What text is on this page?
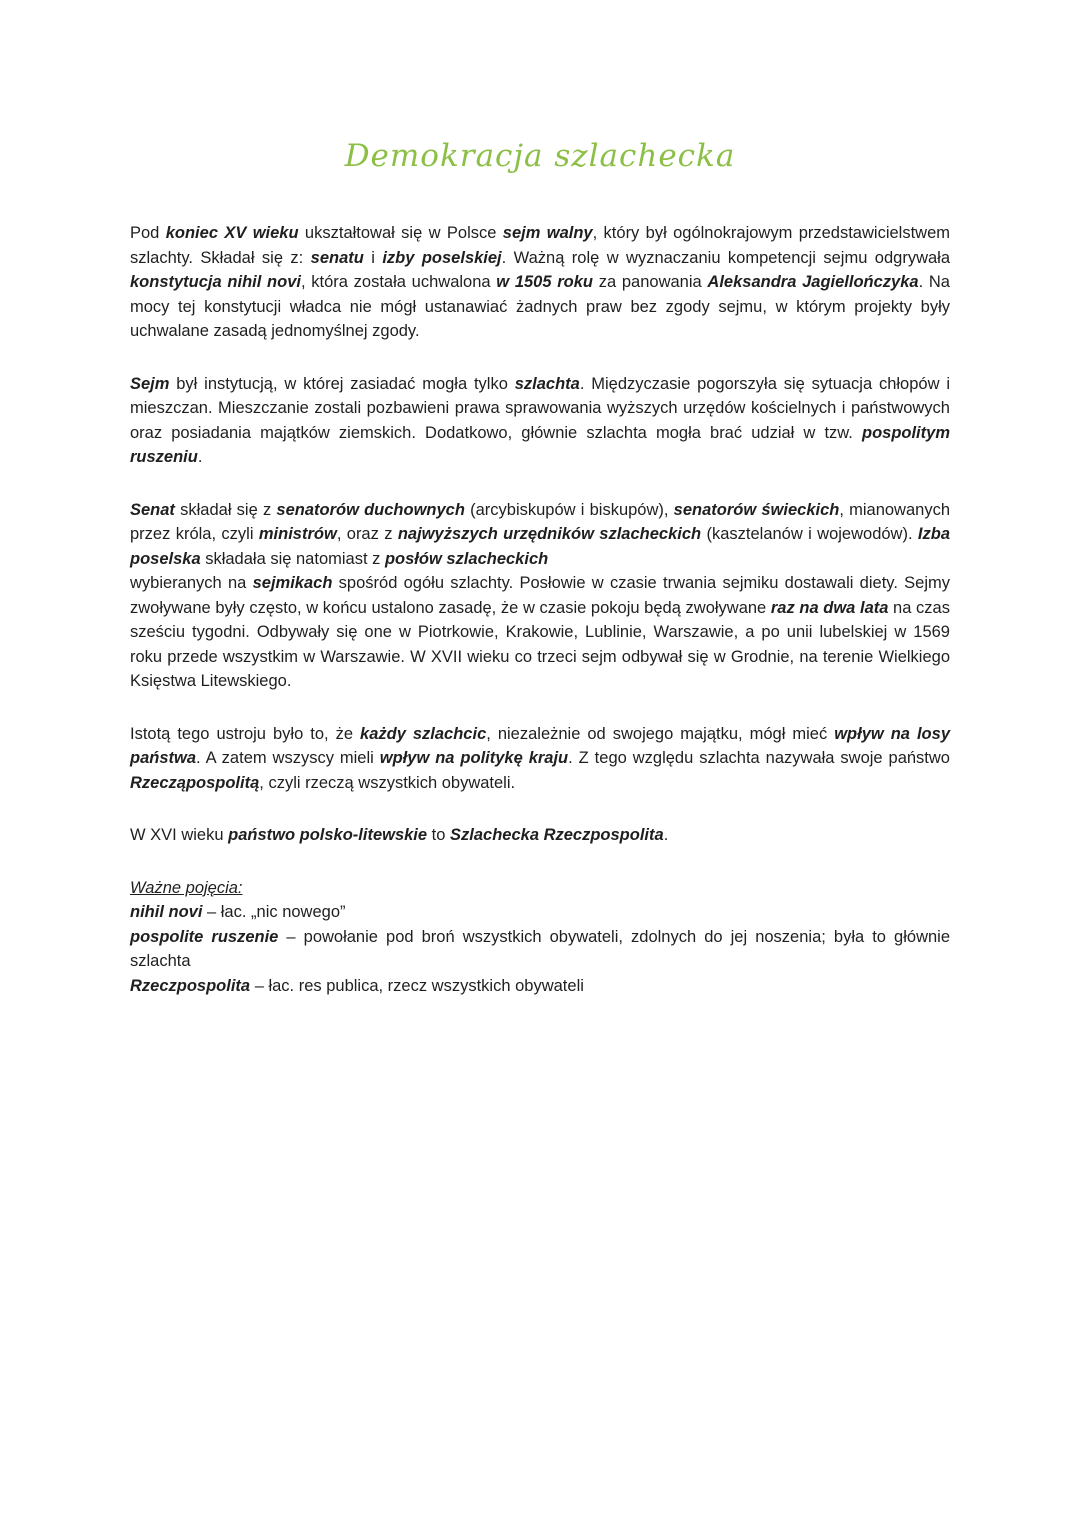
Demokracja szlachecka

Pod koniec XV wieku ukształtował się w Polsce sejm walny, który był ogólnokrajowym przedstawicielstwem szlachty. Składał się z: senatu i izby poselskiej. Ważną rolę w wyznaczaniu kompetencji sejmu odgrywała konstytucja nihil novi, która została uchwalona w 1505 roku za panowania Aleksandra Jagiellończyka. Na mocy tej konstytucji władca nie mógł ustanawiać żadnych praw bez zgody sejmu, w którym projekty były uchwalane zasadą jednomyślnej zgody.

Sejm był instytucją, w której zasiadać mogła tylko szlachta. Międzyczasie pogorszyła się sytuacja chłopów i mieszczan. Mieszczanie zostali pozbawieni prawa sprawowania wyższych urzędów kościelnych i państwowych oraz posiadania majątków ziemskich. Dodatkowo, głównie szlachta mogła brać udział w tzw. pospolitym ruszeniu.

Senat składał się z senatorów duchownych (arcybiskupów i biskupów), senatorów świeckich, mianowanych przez króla, czyli ministrów, oraz z najwyższych urzędników szlacheckich (kasztelanów i wojewodów). Izba poselska składała się natomiast z posłów szlacheckich
wybieranych na sejmikach spośród ogółu szlachty. Posłowie w czasie trwania sejmiku dostawali diety. Sejmy zwoływane były często, w końcu ustalono zasadę, że w czasie pokoju będą zwoływane raz na dwa lata na czas sześciu tygodni. Odbywały się one w Piotrkowie, Krakowie, Lublinie, Warszawie, a po unii lubelskiej w 1569 roku przede wszystkim w Warszawie. W XVII wieku co trzeci sejm odbywał się w Grodnie, na terenie Wielkiego Księstwa Litewskiego.

Istotą tego ustroju było to, że każdy szlachcic, niezależnie od swojego majątku, mógł mieć wpływ na losy państwa. A zatem wszyscy mieli wpływ na politykę kraju. Z tego względu szlachta nazywała swoje państwo Rzecząpospolitą, czyli rzeczą wszystkich obywateli.

W XVI wieku państwo polsko-litewskie to Szlachecka Rzeczpospolita.

Ważne pojęcia:

nihil novi – łac. „nic nowego”

pospolite ruszenie – powołanie pod broń wszystkich obywateli, zdolnych do jej noszenia; była to głównie szlachta

Rzeczpospolita – łac. res publica, rzecz wszystkich obywateli
